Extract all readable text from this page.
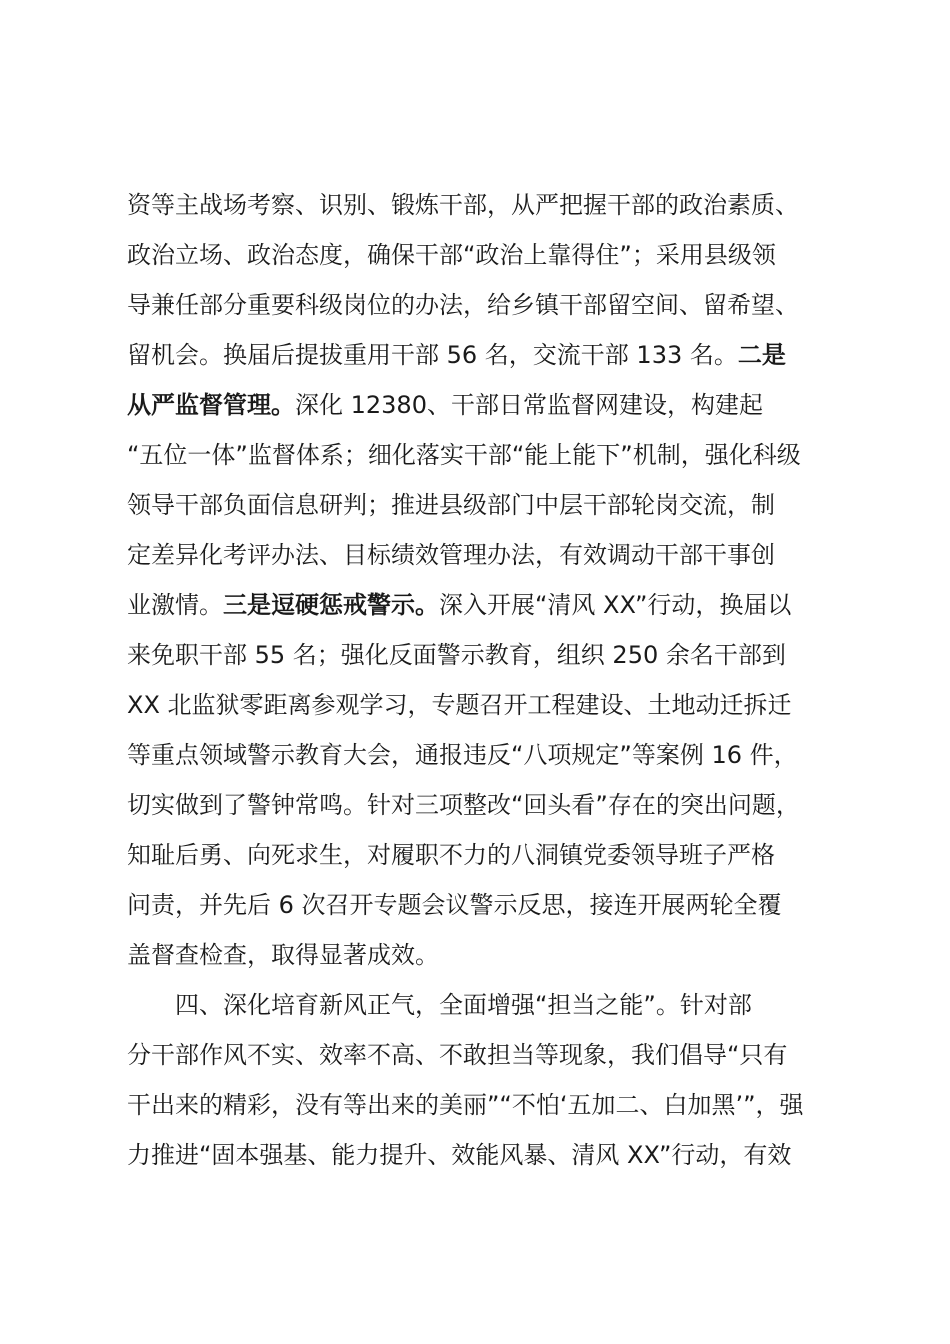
资等主战场考察、识别、锻炼干部，从严把握干部的政治素质、
政治立场、政治态度，确保干部“政治上靠得住”；采用县级领
导兼任部分重要科级岗位的办法，给乡镇干部留空间、留希望、
留机会。换届后提拔重用干部 56 名，交流干部 133 名。二是
从严监督管理。深化 12380、干部日常监督网建设，构建起
“五位一体”监督体系；细化落实干部“能上能下”机制，强化科级
领导干部负面信息研判；推进县级部门中层干部轮岗交流，制
定差异化考评办法、目标绩效管理办法，有效调动干部干事创
业激情。三是逗硬惩戒警示。深入开展“清风 XX”行动，换届以
来免职干部 55 名；强化反面警示教育，组织 250 余名干部到
XX 北监狱零距离参观学习，专题召开工程建设、土地动迁拆迁
等重点领域警示教育大会，通报违反“八项规定”等案例 16 件，
切实做到了警钟常鸣。针对三项整改“回头看”存在的突出问题，
知耻后勇、向死求生，对履职不力的八洞镇党委领导班子严格
问责，并先后 6 次召开专题会议警示反思，接连开展两轮全覆
盖督查检查，取得显著成效。
四、深化培育新风正气，全面增强“担当之能”。针对部
分干部作风不实、效率不高、不敢担当等现象，我们倡导“只有
干出来的精彩，没有等出来的美丽”“不怕‘五加二、白加黑’”，强
力推进“固本强基、能力提升、效能风暴、清风 XX”行动，有效
